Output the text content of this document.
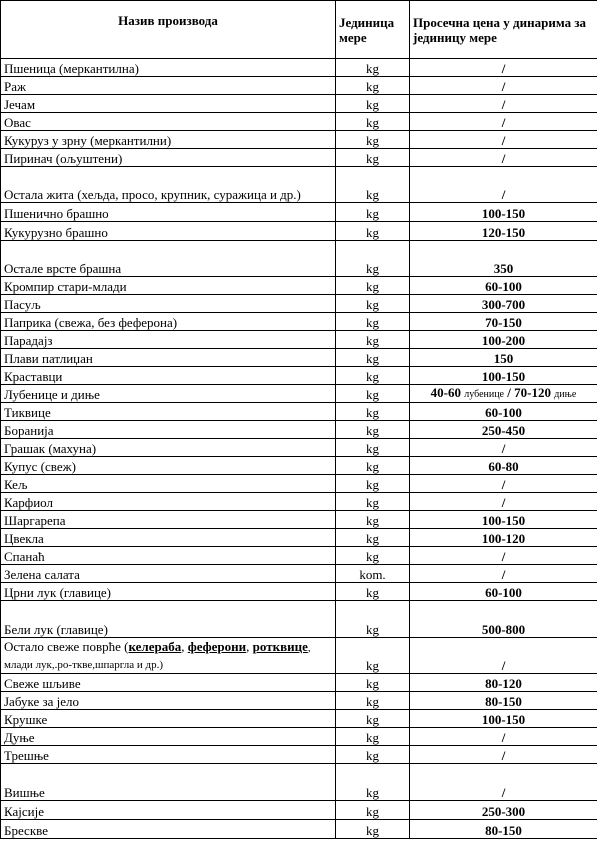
Назив производа	Јединица мере	Просечна цена у динарима за јединицу мере
Пшеница (меркантилна)	kg	/
Раж	kg	/
Јечам	kg	/
Овас	kg	/
Кукуруз у зрну (меркантилни)	kg	/
Пиринач (ољуштени)	kg	/
Остала жита (хељда, просо, крупник, суражица и др.)	kg	/
Пшенично брашно	kg	100-150
Кукурузно брашно	kg	120-150
Остале врсте брашна	kg	350
Кромпир стари-млади	kg	60-100
Пасуљ	kg	300-700
Паприка (свежа, без феферона)	kg	70-150
Парадајз	kg	100-200
Плави патлиџан	kg	150
Краставци	kg	100-150
Лубенице и диње	kg	40-60 лубенице / 70-120 диње
Тиквице	kg	60-100
Боранија	kg	250-450
Грашак (махуна)	kg	/
Купус (свеж)	kg	60-80
Кељ	kg	/
Карфиол	kg	/
Шаргарепа	kg	100-150
Цвекла	kg	100-120
Спанаћ	kg	/
Зелена салата	kom.	/
Црни лук (главице)	kg	60-100
Бели лук (главице)	kg	500-800
Остало свеже поврће (келераба, феферони, ротквице, млади лук,.ро-тквe,шпаргла и др.)	kg	/
Свеже шљиве	kg	80-120
Јабуке за јело	kg	80-150
Крушке	kg	100-150
Дуње	kg	/
Трешње	kg	/
Вишње	kg	/
Кајсије	kg	250-300
Бресквe	kg	80-150
